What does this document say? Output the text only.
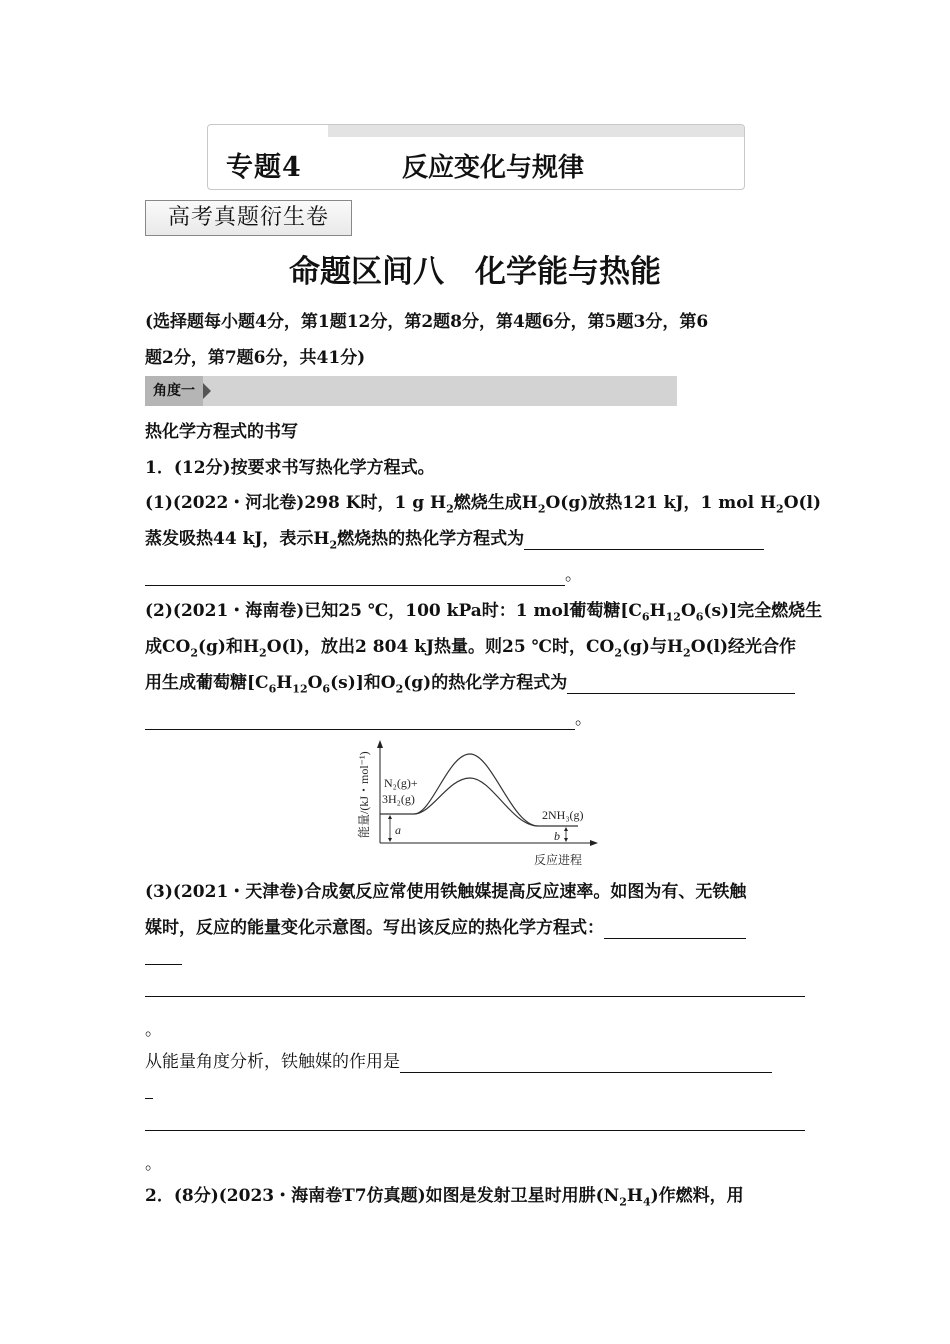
专题4	反应变化与规律
高考真题衍生卷
命题区间八　化学能与热能
(选择题每小题4分，第1题12分，第2题8分，第4题6分，第5题3分，第6
题2分，第7题6分，共41分)
角度一
热化学方程式的书写
1．(12分)按要求书写热化学方程式。
(1)(2022・河北卷)298 K时，1 g $H_2$燃烧生成$H_2O(g)$放热121 kJ，1 mol $H_2O(l)$
蒸发吸热44 kJ，表示$H_2$燃烧热的热化学方程式为
。
(2)(2021・海南卷)已知25 ℃，100 kPa时：1 mol葡萄糖$[C_6H_{12}O_6(s)]$完全燃烧生
成$CO_2(g)$和$H_2O(l)$，放出2 804 kJ热量。则25 ℃时，$CO_2(g)$与$H_2O(l)$经光合作
用生成葡萄糖$[C_6H_{12}O_6(s)]$和$O_2(g)$的热化学方程式为
。
N₂(g)+
3H₂(g)
2NH₃(g)
a	b
反应进程
能量/(kJ・mol⁻¹)
(3)(2021・天津卷)合成氨反应常使用铁触媒提高反应速率。如图为有、无铁触
媒时，反应的能量变化示意图。写出该反应的热化学方程式：
。
从能量角度分析，铁触媒的作用是
。
2．(8分)(2023・海南卷T7仿真题)如图是发射卫星时用肼$(N_2H_4)$作燃料，用
